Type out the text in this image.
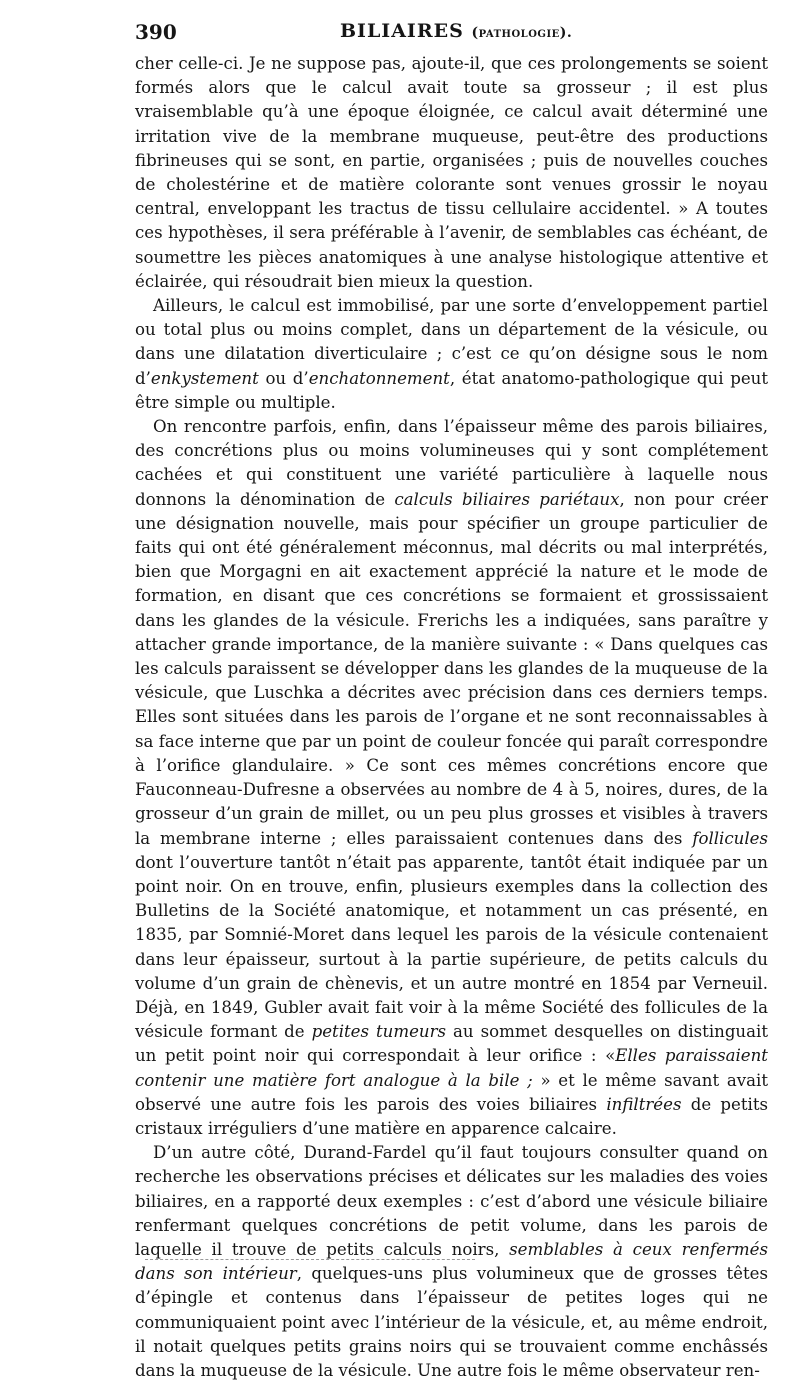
390	BILIAIRES (pathologie).

cher celle-ci. Je ne suppose pas, ajoute-il, que ces prolongements se soient formés alors que le calcul avait toute sa grosseur ; il est plus vraisemblable qu’à une époque éloignée, ce calcul avait déterminé une irritation vive de la membrane muqueuse, peut-être des productions fibrineuses qui se sont, en partie, organisées ; puis de nouvelles couches de cholestérine et de matière colorante sont venues grossir le noyau central, enveloppant les tractus de tissu cellulaire accidentel. » A toutes ces hypothèses, il sera préférable à l’avenir, de semblables cas échéant, de soumettre les pièces anatomiques à une analyse histologique attentive et éclairée, qui résoudrait bien mieux la question.

Ailleurs, le calcul est immobilisé, par une sorte d’enveloppement partiel ou total plus ou moins complet, dans un département de la vésicule, ou dans une dilatation diverticulaire ; c’est ce qu’on désigne sous le nom d’enkystement ou d’enchatonnement, état anatomo-pathologique qui peut être simple ou multiple.

On rencontre parfois, enfin, dans l’épaisseur même des parois biliaires, des concrétions plus ou moins volumineuses qui y sont complétement cachées et qui constituent une variété particulière à laquelle nous donnons la dénomination de calculs biliaires pariétaux, non pour créer une désignation nouvelle, mais pour spécifier un groupe particulier de faits qui ont été généralement méconnus, mal décrits ou mal interprétés, bien que Morgagni en ait exactement apprécié la nature et le mode de formation, en disant que ces concrétions se formaient et grossissaient dans les glandes de la vésicule. Frerichs les a indiquées, sans paraître y attacher grande importance, de la manière suivante : « Dans quelques cas les calculs paraissent se développer dans les glandes de la muqueuse de la vésicule, que Luschka a décrites avec précision dans ces derniers temps. Elles sont situées dans les parois de l’organe et ne sont reconnaissables à sa face interne que par un point de couleur foncée qui paraît correspondre à l’orifice glandulaire. » Ce sont ces mêmes concrétions encore que Fauconneau-Dufresne a observées au nombre de 4 à 5, noires, dures, de la grosseur d’un grain de millet, ou un peu plus grosses et visibles à travers la membrane interne ; elles paraissaient contenues dans des follicules dont l’ouverture tantôt n’était pas apparente, tantôt était indiquée par un point noir. On en trouve, enfin, plusieurs exemples dans la collection des Bulletins de la Société anatomique, et notamment un cas présenté, en 1835, par Somnié-Moret dans lequel les parois de la vésicule contenaient dans leur épaisseur, surtout à la partie supérieure, de petits calculs du volume d’un grain de chènevis, et un autre montré en 1854 par Verneuil. Déjà, en 1849, Gubler avait fait voir à la même Société des follicules de la vésicule formant de petites tumeurs au sommet desquelles on distinguait un petit point noir qui correspondait à leur orifice : «Elles paraissaient contenir une matière fort analogue à la bile ; » et le même savant avait observé une autre fois les parois des voies biliaires infiltrées de petits cristaux irréguliers d’une matière en apparence calcaire.

D’un autre côté, Durand-Fardel qu’il faut toujours consulter quand on recherche les observations précises et délicates sur les maladies des voies biliaires, en a rapporté deux exemples : c’est d’abord une vésicule biliaire renfermant quelques concrétions de petit volume, dans les parois de laquelle il trouve de petits calculs noirs, semblables à ceux renfermés dans son intérieur, quelques-uns plus volumineux que de grosses têtes d’épingle et contenus dans l’épaisseur de petites loges qui ne communiquaient point avec l’intérieur de la vésicule, et, au même endroit, il notait quelques petits grains noirs qui se trouvaient comme enchâssés dans la muqueuse de la vésicule. Une autre fois le même observateur ren-
